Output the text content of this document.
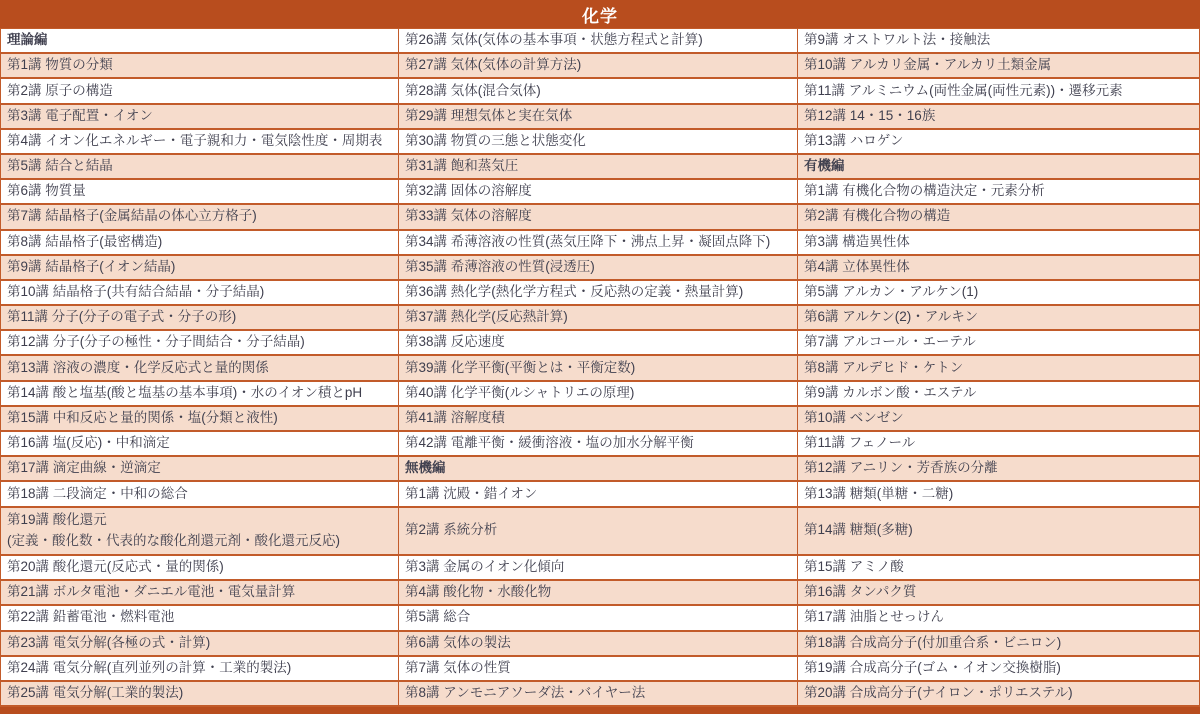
化学
理論編
第1講 物質の分類
第2講 原子の構造
第3講 電子配置・イオン
第4講 イオン化エネルギー・電子親和力・電気陰性度・周期表
第5講 結合と結晶
第6講 物質量
第7講 結晶格子(金属結晶の体心立方格子)
第8講 結晶格子(最密構造)
第9講 結晶格子(イオン結晶)
第10講 結晶格子(共有結合結晶・分子結晶)
第11講 分子(分子の電子式・分子の形)
第12講 分子(分子の極性・分子間結合・分子結晶)
第13講 溶液の濃度・化学反応式と量的関係
第14講 酸と塩基(酸と塩基の基本事項)・水のイオン積とpH
第15講 中和反応と量的関係・塩(分類と液性)
第16講 塩(反応)・中和滴定
第17講 滴定曲線・逆滴定
第18講 二段滴定・中和の総合
第19講 酸化還元
(定義・酸化数・代表的な酸化剤還元剤・酸化還元反応)
第20講 酸化還元(反応式・量的関係)
第21講 ボルタ電池・ダニエル電池・電気量計算
第22講 鉛蓄電池・燃料電池
第23講 電気分解(各極の式・計算)
第24講 電気分解(直列並列の計算・工業的製法)
第25講 電気分解(工業的製法)
第26講 気体(気体の基本事項・状態方程式と計算)
第27講 気体(気体の計算方法)
第28講 気体(混合気体)
第29講 理想気体と実在気体
第30講 物質の三態と状態変化
第31講 飽和蒸気圧
第32講 固体の溶解度
第33講 気体の溶解度
第34講 希薄溶液の性質(蒸気圧降下・沸点上昇・凝固点降下)
第35講 希薄溶液の性質(浸透圧)
第36講 熱化学(熱化学方程式・反応熱の定義・熱量計算)
第37講 熱化学(反応熱計算)
第38講 反応速度
第39講 化学平衡(平衡とは・平衡定数)
第40講 化学平衡(ルシャトリエの原理)
第41講 溶解度積
第42講 電離平衡・緩衝溶液・塩の加水分解平衡
無機編
第1講 沈殿・錯イオン
第2講 系統分析
第3講 金属のイオン化傾向
第4講 酸化物・水酸化物
第5講 総合
第6講 気体の製法
第7講 気体の性質
第8講 アンモニアソーダ法・バイヤー法
第9講 オストワルト法・接触法
第10講 アルカリ金属・アルカリ土類金属
第11講 アルミニウム(両性金属(両性元素))・遷移元素
第12講 14・15・16族
第13講 ハロゲン
有機編
第1講 有機化合物の構造決定・元素分析
第2講 有機化合物の構造
第3講 構造異性体
第4講 立体異性体
第5講 アルカン・アルケン(1)
第6講 アルケン(2)・アルキン
第7講 アルコール・エーテル
第8講 アルデヒド・ケトン
第9講 カルボン酸・エステル
第10講 ベンゼン
第11講 フェノール
第12講 アニリン・芳香族の分離
第13講 糖類(単糖・二糖)
第14講 糖類(多糖)
第15講 アミノ酸
第16講 タンパク質
第17講 油脂とせっけん
第18講 合成高分子(付加重合系・ビニロン)
第19講 合成高分子(ゴム・イオン交換樹脂)
第20講 合成高分子(ナイロン・ポリエステル)
